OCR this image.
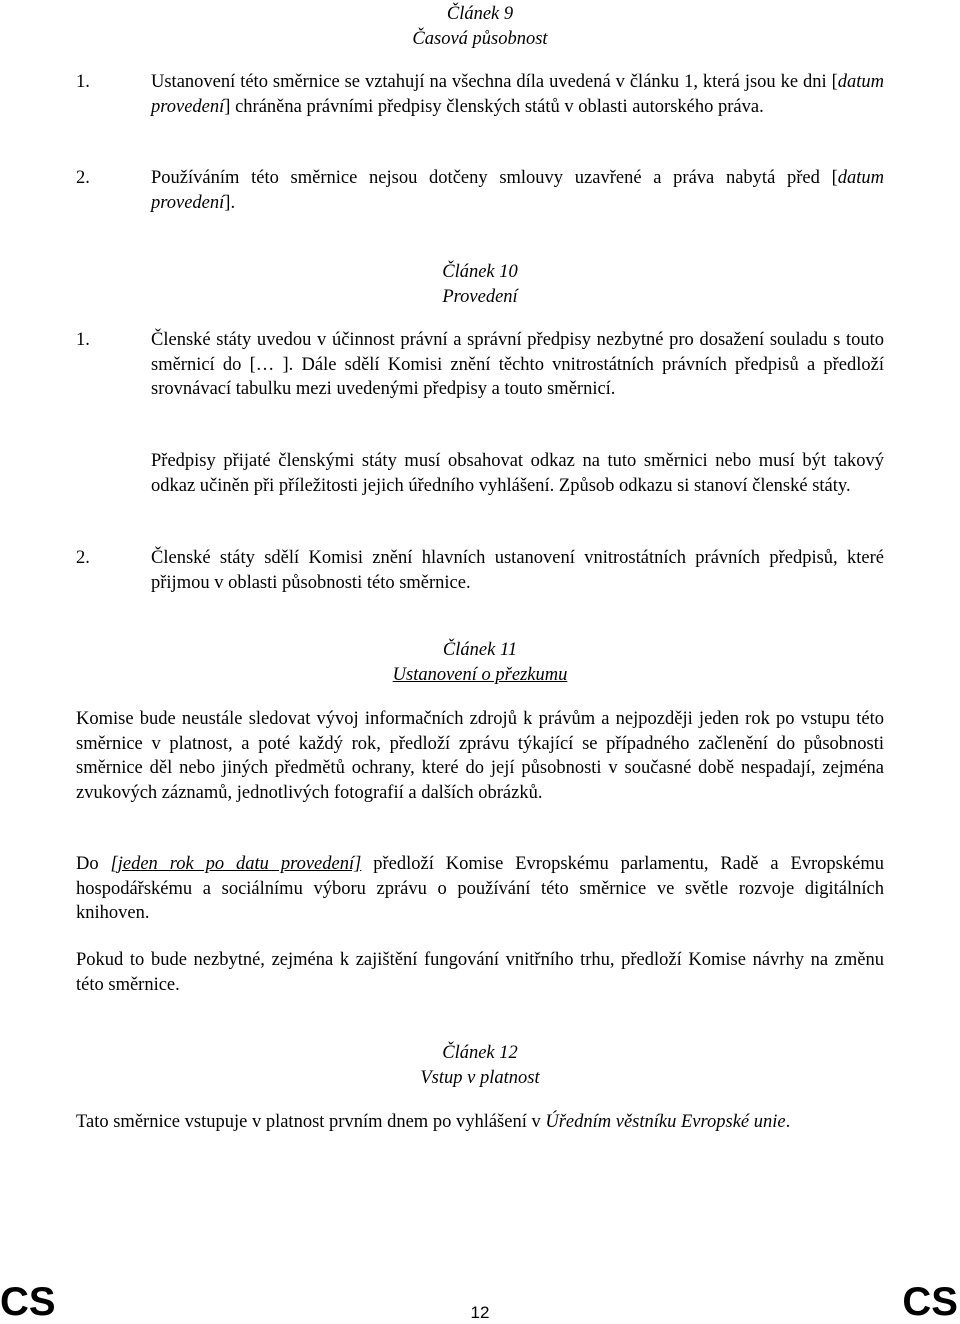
Článek 9
Časová působnost
1.	Ustanovení této směrnice se vztahují na všechna díla uvedená v článku 1, která jsou ke dni [datum provedení] chráněna právními předpisy členských států v oblasti autorského práva.
2.	Používáním této směrnice nejsou dotčeny smlouvy uzavřené a práva nabytá před [datum provedení].
Článek 10
Provedení
1.	Členské státy uvedou v účinnost právní a správní předpisy nezbytné pro dosažení souladu s touto směrnicí do [… ]. Dále sdělí Komisi znění těchto vnitrostátních právních předpisů a předloží srovnávací tabulku mezi uvedenými předpisy a touto směrnicí.
Předpisy přijaté členskými státy musí obsahovat odkaz na tuto směrnici nebo musí být takový odkaz učiněn při příležitosti jejich úředního vyhlášení. Způsob odkazu si stanoví členské státy.
2.	Členské státy sdělí Komisi znění hlavních ustanovení vnitrostátních právních předpisů, které přijmou v oblasti působnosti této směrnice.
Článek 11
Ustanovení o přezkumu
Komise bude neustále sledovat vývoj informačních zdrojů k právům a nejpozději jeden rok po vstupu této směrnice v platnost, a poté každý rok, předloží zprávu týkající se případného začlenění do působnosti směrnice děl nebo jiných předmětů ochrany, které do její působnosti v současné době nespadají, zejména zvukových záznamů, jednotlivých fotografií a dalších obrázků.
Do [jeden rok po datu provedení] předloží Komise Evropskému parlamentu, Radě a Evropskému hospodářskému a sociálnímu výboru zprávu o používání této směrnice ve světle rozvoje digitálních knihoven.
Pokud to bude nezbytné, zejména k zajištění fungování vnitřního trhu, předloží Komise návrhy na změnu této směrnice.
Článek 12
Vstup v platnost
Tato směrnice vstupuje v platnost prvním dnem po vyhlášení v Úředním věstníku Evropské unie.
CS	12	CS
